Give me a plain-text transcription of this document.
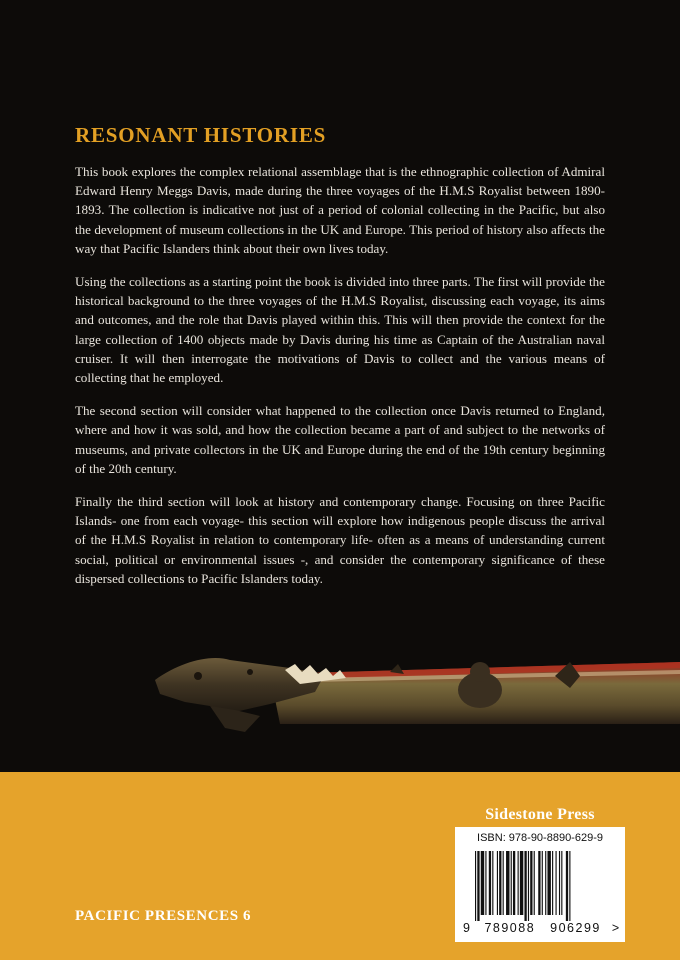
RESONANT HISTORIES

This book explores the complex relational assemblage that is the ethnographic collection of Admiral Edward Henry Meggs Davis, made during the three voyages of the H.M.S Royalist between 1890-1893. The collection is indicative not just of a period of colonial collecting in the Pacific, but also the development of museum collections in the UK and Europe. This period of history also affects the way that Pacific Islanders think about their own lives today.

Using the collections as a starting point the book is divided into three parts. The first will provide the historical background to the three voyages of the H.M.S Royalist, discussing each voyage, its aims and outcomes, and the role that Davis played within this. This will then provide the context for the large collection of 1400 objects made by Davis during his time as Captain of the Australian naval cruiser. It will then interrogate the motivations of Davis to collect and the various means of collecting that he employed.

The second section will consider what happened to the collection once Davis returned to England, where and how it was sold, and how the collection became a part of and subject to the networks of museums, and private collectors in the UK and Europe during the end of the 19th century beginning of the 20th century.

Finally the third section will look at history and contemporary change. Focusing on three Pacific Islands- one from each voyage- this section will explore how indigenous people discuss the arrival of the H.M.S Royalist in relation to contemporary life- often as a means of understanding current social, political or environmental issues -, and consider the contemporary significance of these dispersed collections to Pacific Islanders today.

PACIFIC PRESENCES 6
Sidestone Press
ISBN: 978-90-8890-629-9
9 789088 906299 >
